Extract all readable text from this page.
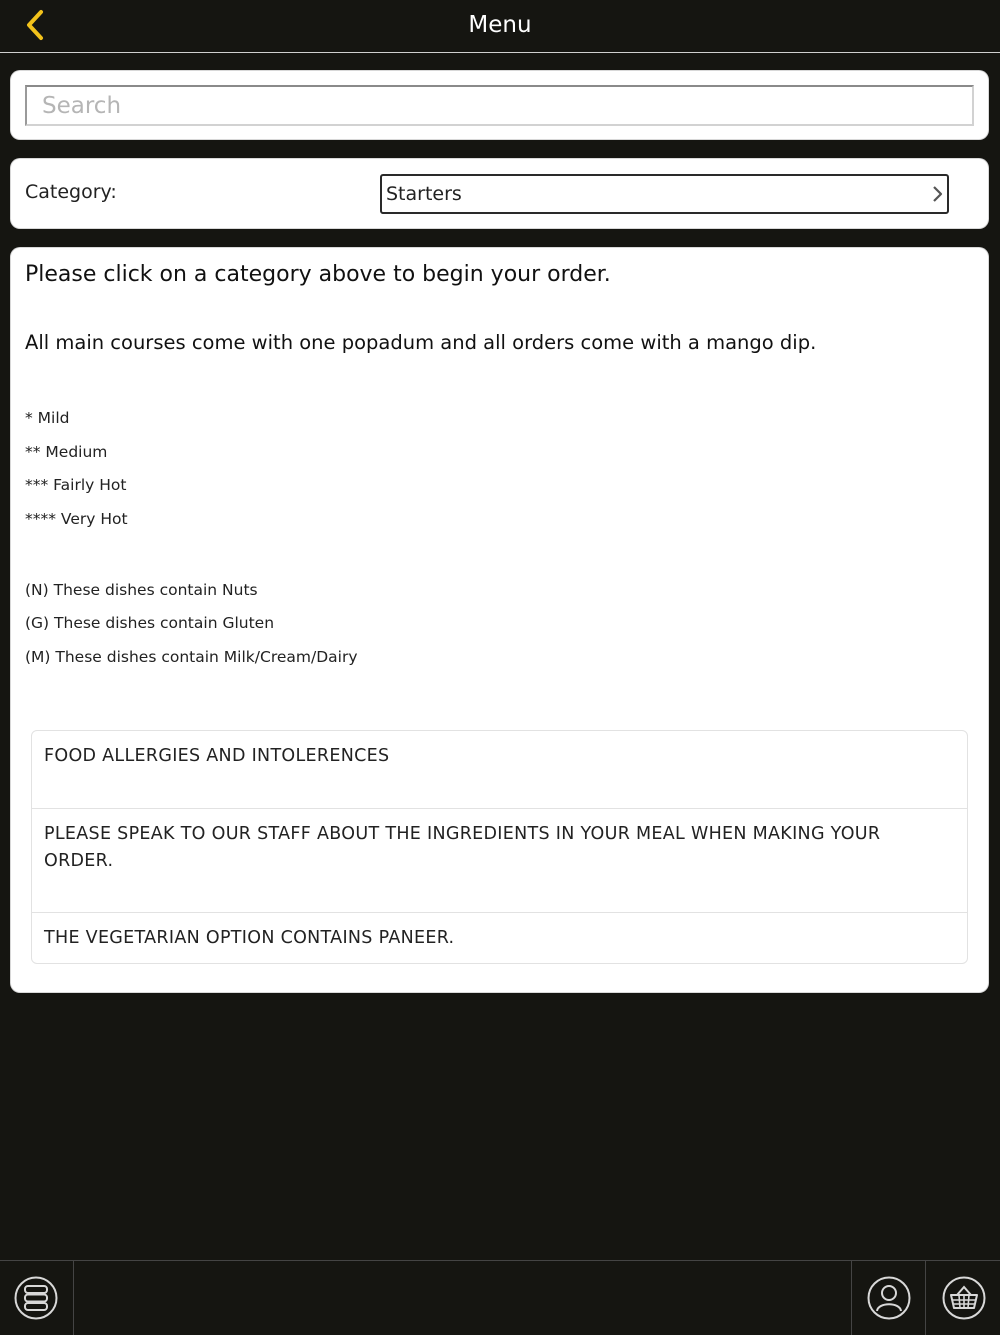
Menu
Search
Category:	Starters
Please click on a category above to begin your order.
All main courses come with one popadum and all orders come with a mango dip.
* Mild
** Medium
*** Fairly Hot
**** Very Hot
(N) These dishes contain Nuts
(G) These dishes contain Gluten
(M) These dishes contain Milk/Cream/Dairy
FOOD ALLERGIES AND INTOLERENCES
PLEASE SPEAK TO OUR STAFF ABOUT THE INGREDIENTS IN YOUR MEAL WHEN MAKING YOUR ORDER.
THE VEGETARIAN OPTION CONTAINS PANEER.
